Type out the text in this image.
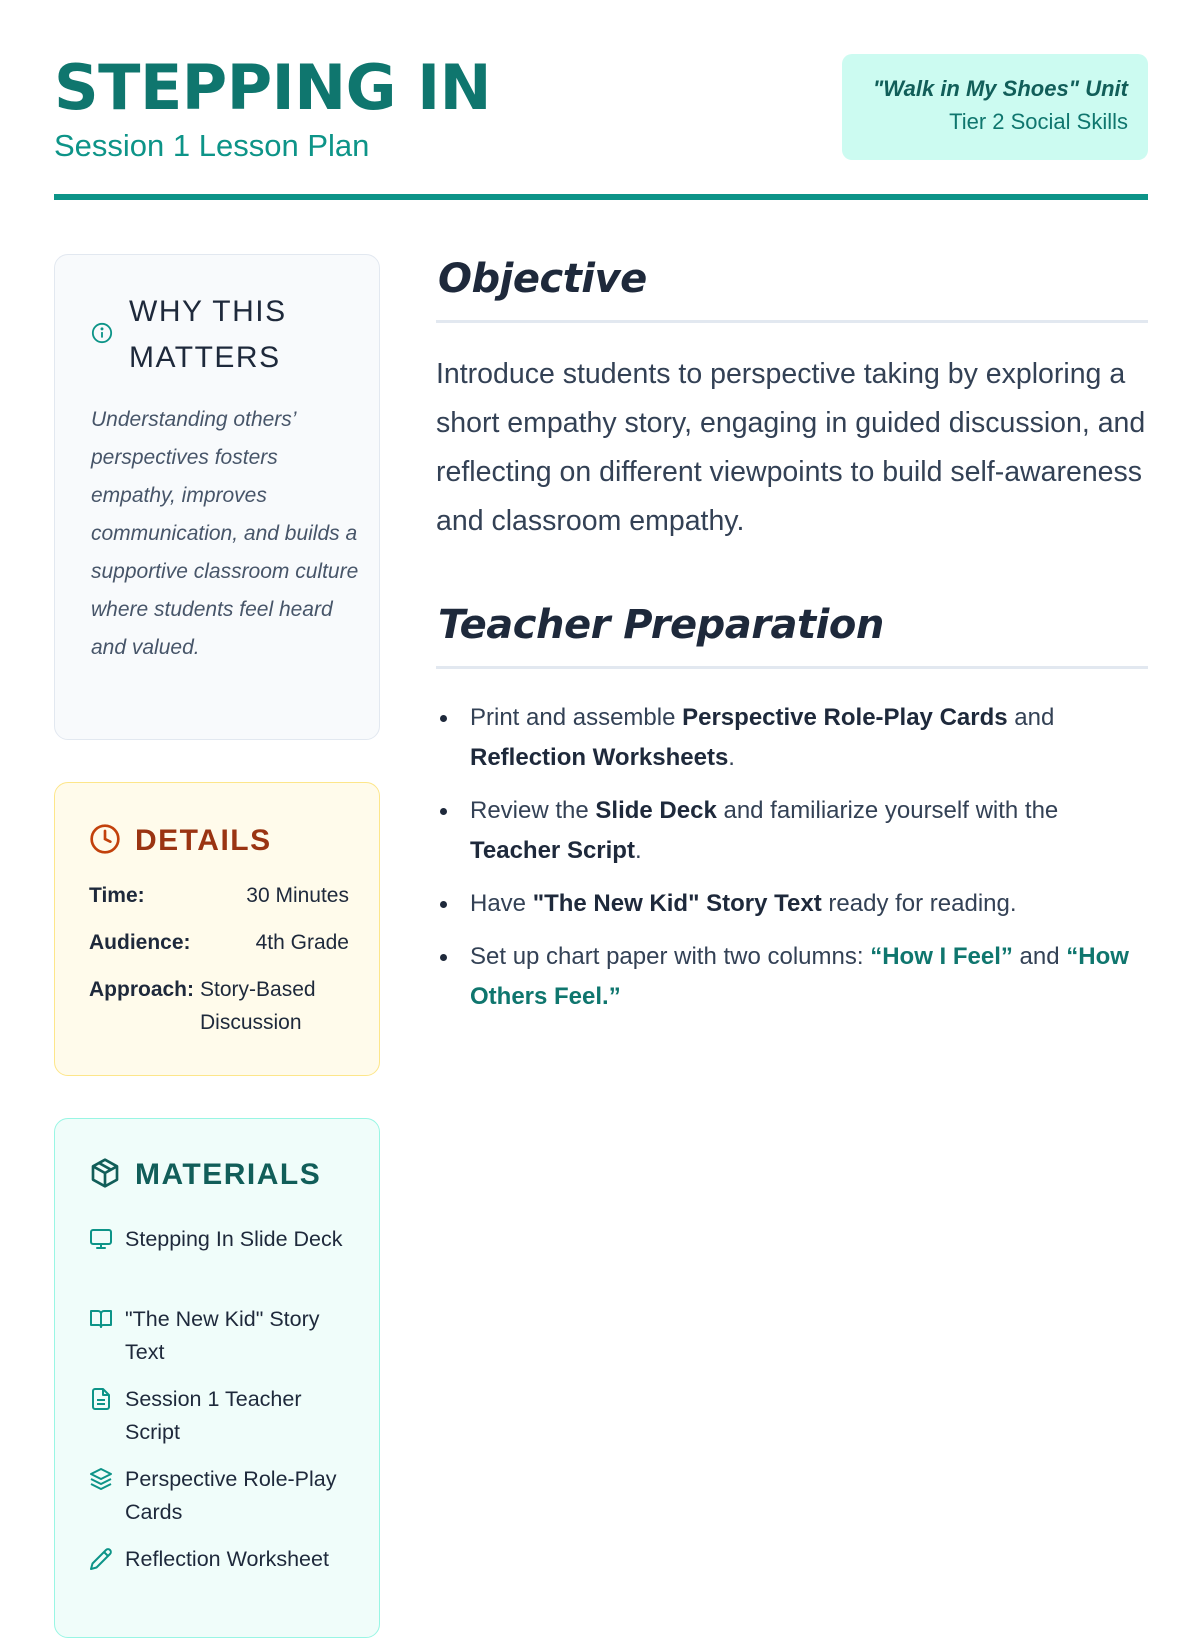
STEPPING IN
Session 1 Lesson Plan
"Walk in My Shoes" Unit
Tier 2 Social Skills
WHY THIS MATTERS
Understanding others’ perspectives fosters empathy, improves communication, and builds a supportive classroom culture where students feel heard and valued.
DETAILS
Time:	30 Minutes
Audience:	4th Grade
Approach: Story-Based Discussion
MATERIALS
Stepping In Slide Deck
"The New Kid" Story Text
Session 1 Teacher Script
Perspective Role-Play Cards
Reflection Worksheet
Objective
Introduce students to perspective taking by exploring a short empathy story, engaging in guided discussion, and reflecting on different viewpoints to build self-awareness and classroom empathy.
Teacher Preparation
Print and assemble Perspective Role-Play Cards and Reflection Worksheets.
Review the Slide Deck and familiarize yourself with the Teacher Script.
Have "The New Kid" Story Text ready for reading.
Set up chart paper with two columns: “How I Feel” and “How Others Feel.”
